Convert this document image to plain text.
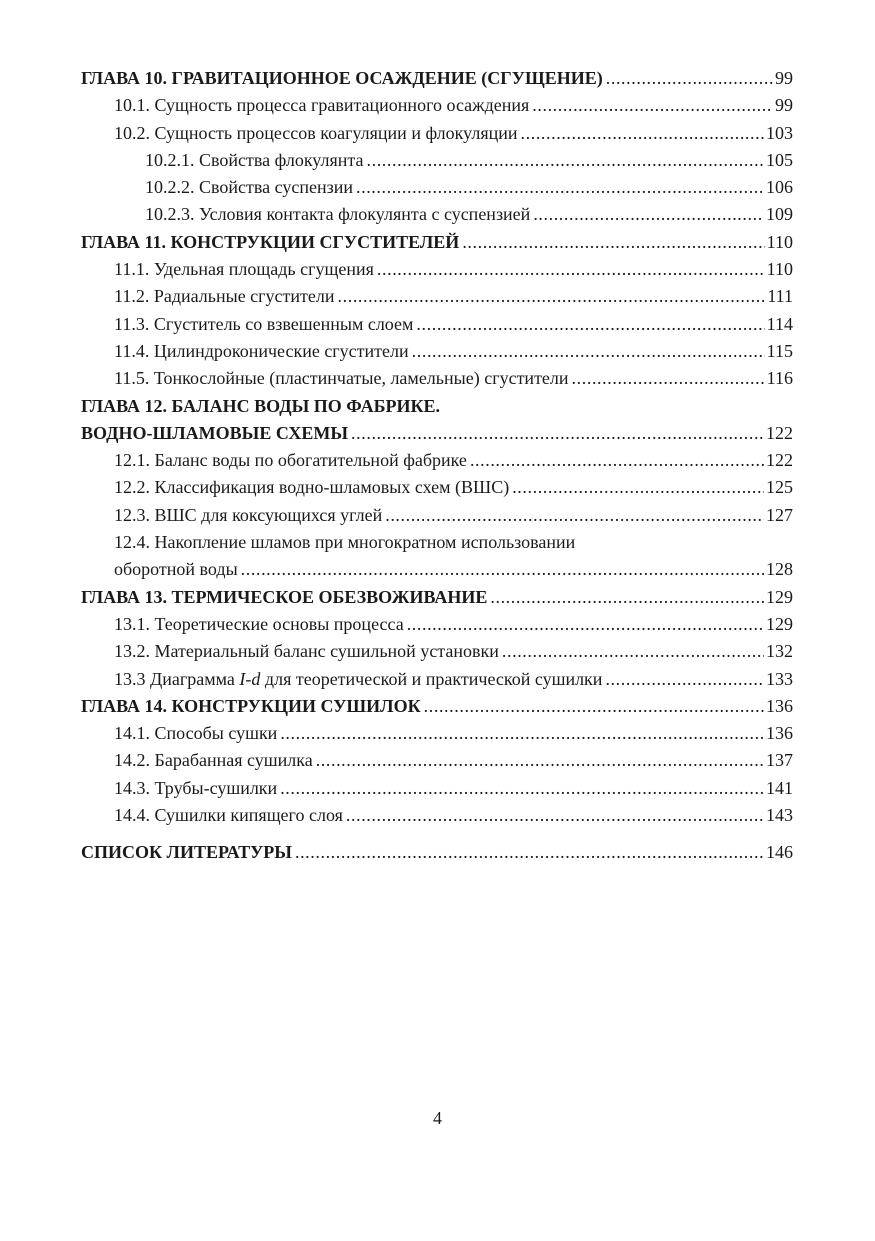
ГЛАВА 10. ГРАВИТАЦИОННОЕ ОСАЖДЕНИЕ (СГУЩЕНИЕ) .....	99
10.1. Сущность процесса гравитационного осаждения .....	99
10.2. Сущность процессов коагуляции и флокуляции .....	103
10.2.1. Свойства флокулянта .....	105
10.2.2. Свойства суспензии .....	106
10.2.3. Условия контакта флокулянта с суспензией .....	109
ГЛАВА 11. КОНСТРУКЦИИ СГУСТИТЕЛЕЙ .....	110
11.1. Удельная площадь сгущения .....	110
11.2. Радиальные сгустители .....	111
11.3. Сгуститель со взвешенным слоем .....	114
11.4. Цилиндроконические сгустители .....	115
11.5. Тонкослойные (пластинчатые, ламельные) сгустители .....	116
ГЛАВА 12. БАЛАНС ВОДЫ ПО ФАБРИКЕ.
ВОДНО-ШЛАМОВЫЕ СХЕМЫ .....	122
12.1. Баланс воды по обогатительной фабрике .....	122
12.2. Классификация водно-шламовых схем (ВШС) .....	125
12.3. ВШС для коксующихся углей .....	127
12.4. Накопление шламов при многократном использовании
оборотной воды .....	128
ГЛАВА 13. ТЕРМИЧЕСКОЕ ОБЕЗВОЖИВАНИЕ .....	129
13.1. Теоретические основы процесса .....	129
13.2. Материальный баланс сушильной установки .....	132
13.3 Диаграмма I-d для теоретической и практической сушилки .....	133
ГЛАВА 14. КОНСТРУКЦИИ СУШИЛОК .....	136
14.1. Способы сушки .....	136
14.2. Барабанная сушилка .....	137
14.3. Трубы-сушилки .....	141
14.4. Сушилки кипящего слоя .....	143
СПИСОК ЛИТЕРАТУРЫ .....	146
4
